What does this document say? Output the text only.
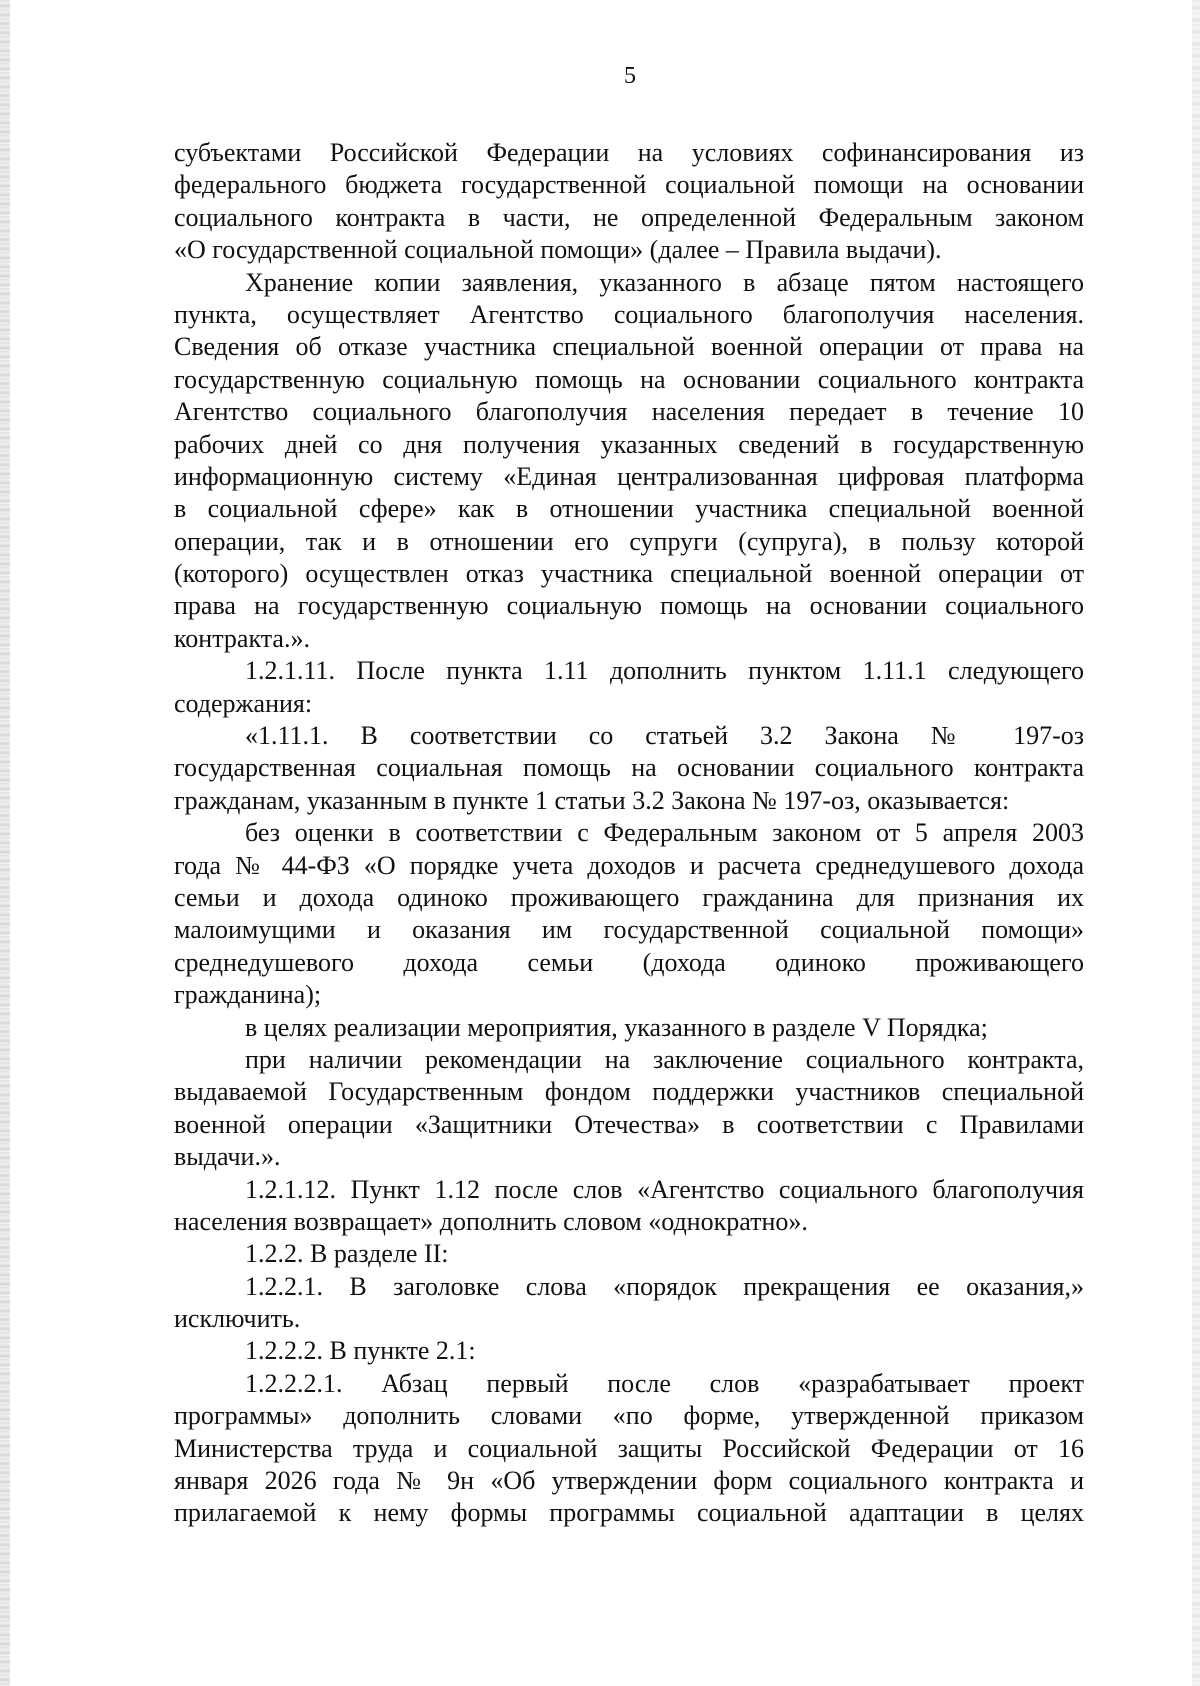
5
субъектами Российской Федерации на условиях софинансирования из
федерального бюджета государственной социальной помощи на основании
социального контракта в части, не определенной Федеральным законом
«О государственной социальной помощи» (далее – Правила выдачи).
Хранение копии заявления, указанного в абзаце пятом настоящего
пункта, осуществляет Агентство социального благополучия населения.
Сведения об отказе участника специальной военной операции от права на
государственную социальную помощь на основании социального контракта
Агентство социального благополучия населения передает в течение 10
рабочих дней со дня получения указанных сведений в государственную
информационную систему «Единая централизованная цифровая платформа
в социальной сфере» как в отношении участника специальной военной
операции, так и в отношении его супруги (супруга), в пользу которой
(которого) осуществлен отказ участника специальной военной операции от
права на государственную социальную помощь на основании социального
контракта.».
1.2.1.11. После пункта 1.11 дополнить пунктом 1.11.1 следующего
содержания:
«1.11.1. В соответствии со статьей 3.2 Закона № 197-оз
государственная социальная помощь на основании социального контракта
гражданам, указанным в пункте 1 статьи 3.2 Закона № 197-оз, оказывается:
без оценки в соответствии с Федеральным законом от 5 апреля 2003
года № 44-ФЗ «О порядке учета доходов и расчета среднедушевого дохода
семьи и дохода одиноко проживающего гражданина для признания их
малоимущими и оказания им государственной социальной помощи»
среднедушевого дохода семьи (дохода одиноко проживающего
гражданина);
в целях реализации мероприятия, указанного в разделе V Порядка;
при наличии рекомендации на заключение социального контракта,
выдаваемой Государственным фондом поддержки участников специальной
военной операции «Защитники Отечества» в соответствии с Правилами
выдачи.».
1.2.1.12. Пункт 1.12 после слов «Агентство социального благополучия
населения возвращает» дополнить словом «однократно».
1.2.2. В разделе II:
1.2.2.1. В заголовке слова «порядок прекращения ее оказания,»
исключить.
1.2.2.2. В пункте 2.1:
1.2.2.2.1. Абзац первый после слов «разрабатывает проект
программы» дополнить словами «по форме, утвержденной приказом
Министерства труда и социальной защиты Российской Федерации от 16
января 2026 года № 9н «Об утверждении форм социального контракта и
прилагаемой к нему формы программы социальной адаптации в целях
